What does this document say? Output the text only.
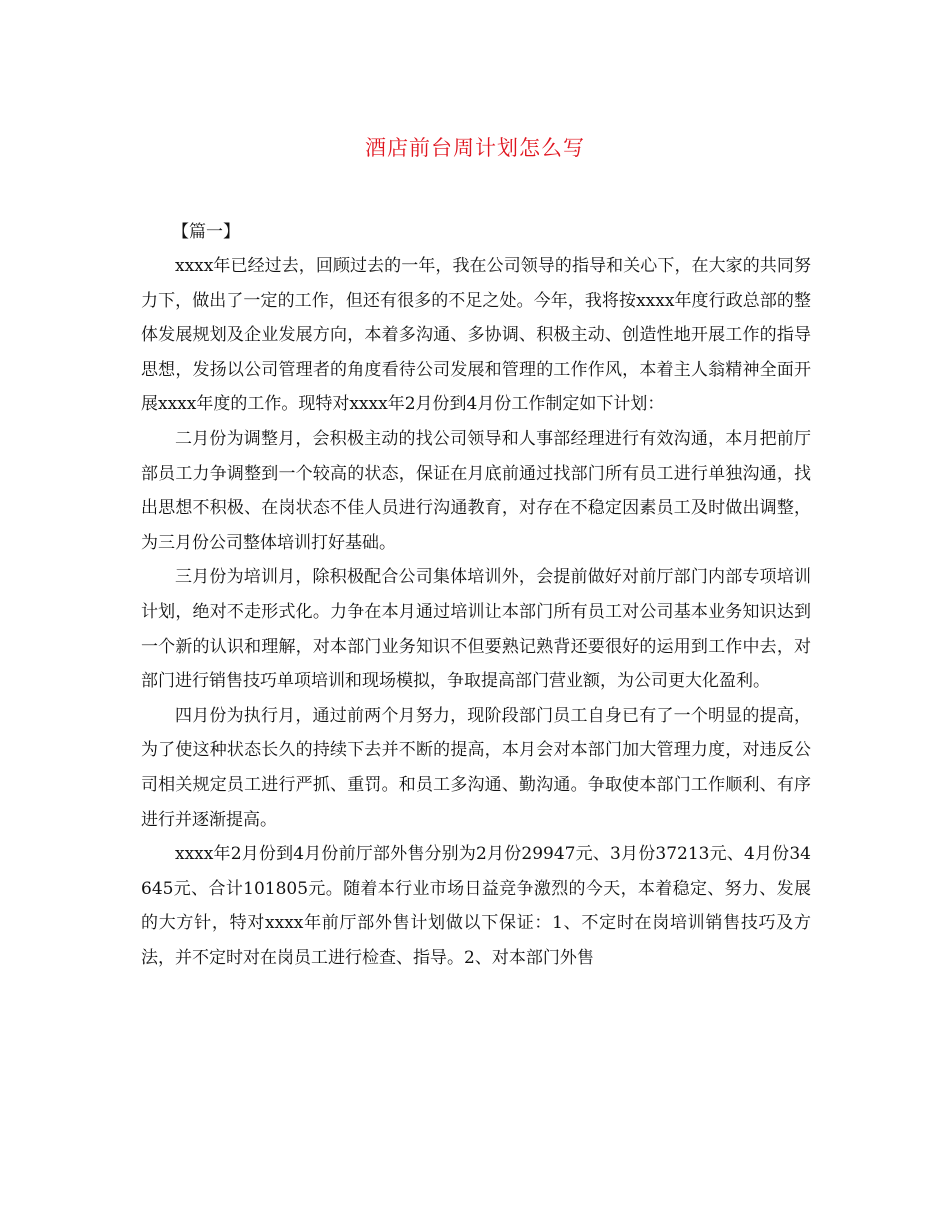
酒店前台周计划怎么写
【篇一】

xxxx年已经过去，回顾过去的一年，我在公司领导的指导和关心下，在大家的共同努力下，做出了一定的工作，但还有很多的不足之处。今年，我将按xxxx年度行政总部的整体发展规划及企业发展方向，本着多沟通、多协调、积极主动、创造性地开展工作的指导思想，发扬以公司管理者的角度看待公司发展和管理的工作作风，本着主人翁精神全面开展xxxx年度的工作。现特对xxxx年2月份到4月份工作制定如下计划：

二月份为调整月，会积极主动的找公司领导和人事部经理进行有效沟通，本月把前厅部员工力争调整到一个较高的状态，保证在月底前通过找部门所有员工进行单独沟通，找出思想不积极、在岗状态不佳人员进行沟通教育，对存在不稳定因素员工及时做出调整，为三月份公司整体培训打好基础。

三月份为培训月，除积极配合公司集体培训外，会提前做好对前厅部门内部专项培训计划，绝对不走形式化。力争在本月通过培训让本部门所有员工对公司基本业务知识达到一个新的认识和理解，对本部门业务知识不但要熟记熟背还要很好的运用到工作中去，对部门进行销售技巧单项培训和现场模拟，争取提高部门营业额，为公司更大化盈利。

四月份为执行月，通过前两个月努力，现阶段部门员工自身已有了一个明显的提高，为了使这种状态长久的持续下去并不断的提高，本月会对本部门加大管理力度，对违反公司相关规定员工进行严抓、重罚。和员工多沟通、勤沟通。争取使本部门工作顺利、有序进行并逐渐提高。

xxxx年2月份到4月份前厅部外售分别为2月份29947元、3月份37213元、4月份34645元、合计101805元。随着本行业市场日益竞争激烈的今天，本着稳定、努力、发展的大方针，特对xxxx年前厅部外售计划做以下保证：1、不定时在岗培训销售技巧及方法，并不定时对在岗员工进行检查、指导。2、对本部门外售
